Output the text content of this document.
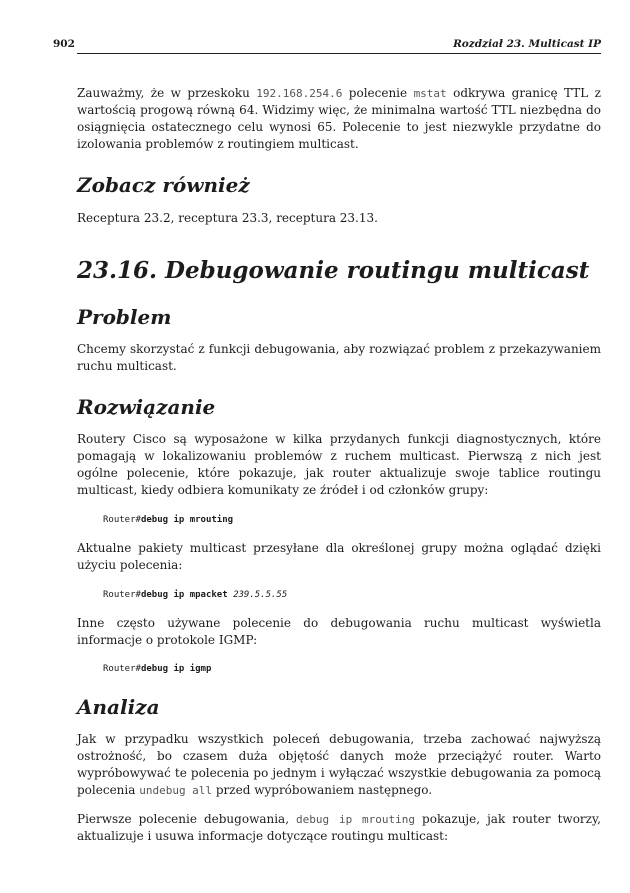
902	Rozdział 23. Multicast IP

Zauważmy, że w przeskoku 192.168.254.6 polecenie mstat odkrywa granicę TTL z wartością progową równą 64. Widzimy więc, że minimalna wartość TTL niezbędna do osiągnięcia ostatecznego celu wynosi 65. Polecenie to jest niezwykle przydatne do izolowania problemów z routingiem multicast.

Zobacz również

Receptura 23.2, receptura 23.3, receptura 23.13.

23.16. Debugowanie routingu multicast
Problem

Chcemy skorzystać z funkcji debugowania, aby rozwiązać problem z przekazywaniem ruchu multicast.

Rozwiązanie

Routery Cisco są wyposażone w kilka przydanych funkcji diagnostycznych, które pomagają w lokalizowaniu problemów z ruchem multicast. Pierwszą z nich jest ogólne polecenie, które pokazuje, jak router aktualizuje swoje tablice routingu multicast, kiedy odbiera komunikaty ze źródeł i od członków grupy:

Router#debug ip mrouting

Aktualne pakiety multicast przesyłane dla określonej grupy można oglądać dzięki użyciu polecenia:

Router#debug ip mpacket 239.5.5.55

Inne często używane polecenie do debugowania ruchu multicast wyświetla informacje o protokole IGMP:

Router#debug ip igmp
Analiza

Jak w przypadku wszystkich poleceń debugowania, trzeba zachować najwyższą ostrożność, bo czasem duża objętość danych może przeciążyć router. Warto wypróbowywać te polecenia po jednym i wyłączać wszystkie debugowania za pomocą polecenia undebug all przed wypróbowaniem następnego.

Pierwsze polecenie debugowania, debug ip mrouting pokazuje, jak router tworzy, aktualizuje i usuwa informacje dotyczące routingu multicast:
